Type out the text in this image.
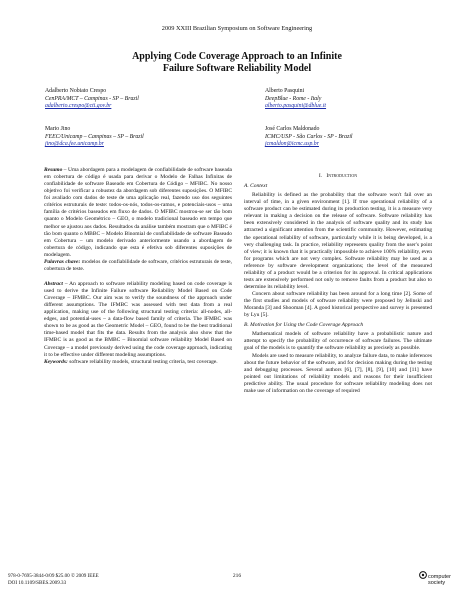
2009 XXIII Brazilian Symposium on Software Engineering
Applying Code Coverage Approach to an Infinite
Failure Software Reliability Model
Adalberto Nobiato Crespo
CenPRA/MCT – Campinas - SP – Brazil
adalberto.crespo@cti.gov.br
Alberto Pasquini
DeepBlue - Rome - Italy
alberto.pasquini@dblue.it
Mario Jino
FEEC/Unicamp – Campinas – SP – Brazil
jino@dca.fee.unicamp.br
José Carlos Maldonado
ICMC/USP - São Carlos - SP - Brazil
jcmaldon@icmc.usp.br

Resumo – Uma abordagem para a modelagem de confiabilidade de software baseada em cobertura de código é usada para derivar o Modelo de Falhas Infinitas de confiabilidade de software Baseado em Cobertura de Código – MFIBC. No nosso objetivo foi verificar a robustez da abordagem sob diferentes suposições. O MFIBC foi avaliado com dados de teste de uma aplicação real, fazendo uso dos seguintes critérios estruturais de teste: todos-os-nós, todos-os-ramos, e potenciais-usos – uma família de critérios baseados em fluxo de dados. O MFIBC mostrou-se ser tão bom quanto o Modelo Geométrico – GEO, o modelo tradicional baseado em tempo que melhor se ajustou aos dados. Resultados da análise também mostram que o MFIBC é tão bom quanto o MBBC – Modelo Binomial de confiabilidade de software Baseado em Cobertura – um modelo derivado anteriormente usando a abordagem de cobertura de código, indicando que esta é efetiva sob diferentes suposições de modelagem.

Palavras chave: modelos de confiabilidade de software, critérios estruturais de teste, cobertura de teste.

Abstract – An approach to software reliability modeling based on code coverage is used to derive the Infinite Failure software Reliability Model Based on Code Coverage – IFMBC. Our aim was to verify the soundness of the approach under different assumptions. The IFMBC was assessed with test data from a real application, making use of the following structural testing criteria: all-nodes, all-edges, and potential-uses – a data-flow based family of criteria. The IFMBC was shown to be as good as the Geometric Model – GEO, found to be the best traditional time-based model that fits the data. Results from the analysis also show that the IFMBC is as good as the BMBC – Binomial software reliability Model Based on Coverage – a model previously derived using the code coverage approach, indicating it to be effective under different modeling assumptions.

Keywords: software reliability models, structural testing criteria, test coverage.

I. Introduction
A. Context

Reliability is defined as the probability that the software won't fail over an interval of time, in a given environment [1]. If true operational reliability of a software product can be estimated during its production testing, it is a measure very relevant in making a decision on the release of software. Software reliability has been extensively considered in the analysis of software quality and its study has attracted a significant attention from the scientific community. However, estimating the operational reliability of software, particularly while it is being developed, is a very challenging task. In practice, reliability represents quality from the user's point of view; it is known that it is practically impossible to achieve 100% reliability, even for programs which are not very complex. Software reliability may be used as a reference by software development organizations; the level of the measured reliability of a product would be a criterion for its approval. In critical applications tests are extensively performed not only to remove faults from a product but also to determine its reliability level.

Concern about software reliability has been around for a long time [2]. Some of the first studies and models of software reliability were proposed by Jelinski and Moranda [3] and Shooman [4]. A good historical perspective and survey is presented by Lyu [5].

B. Motivation for Using the Code Coverage Approach

Mathematical models of software reliability have a probabilistic nature and attempt to specify the probability of occurrence of software failures. The ultimate goal of the models is to quantify the software reliability as precisely as possible.

Models are used to measure reliability, to analyze failure data, to make inferences about the future behavior of the software, and for decision making during the testing and debugging processes. Several authors [6], [7], [8], [9], [10] and [11] have pointed out limitations of reliability models and reasons for their insufficient predictive ability. The usual procedure for software reliability modeling does not make use of information on the coverage of required

978-0-7695-3844-0/09 $25.00 © 2009 IEEE
DOI 10.1109/SBES.2009.33
216	computer
society
